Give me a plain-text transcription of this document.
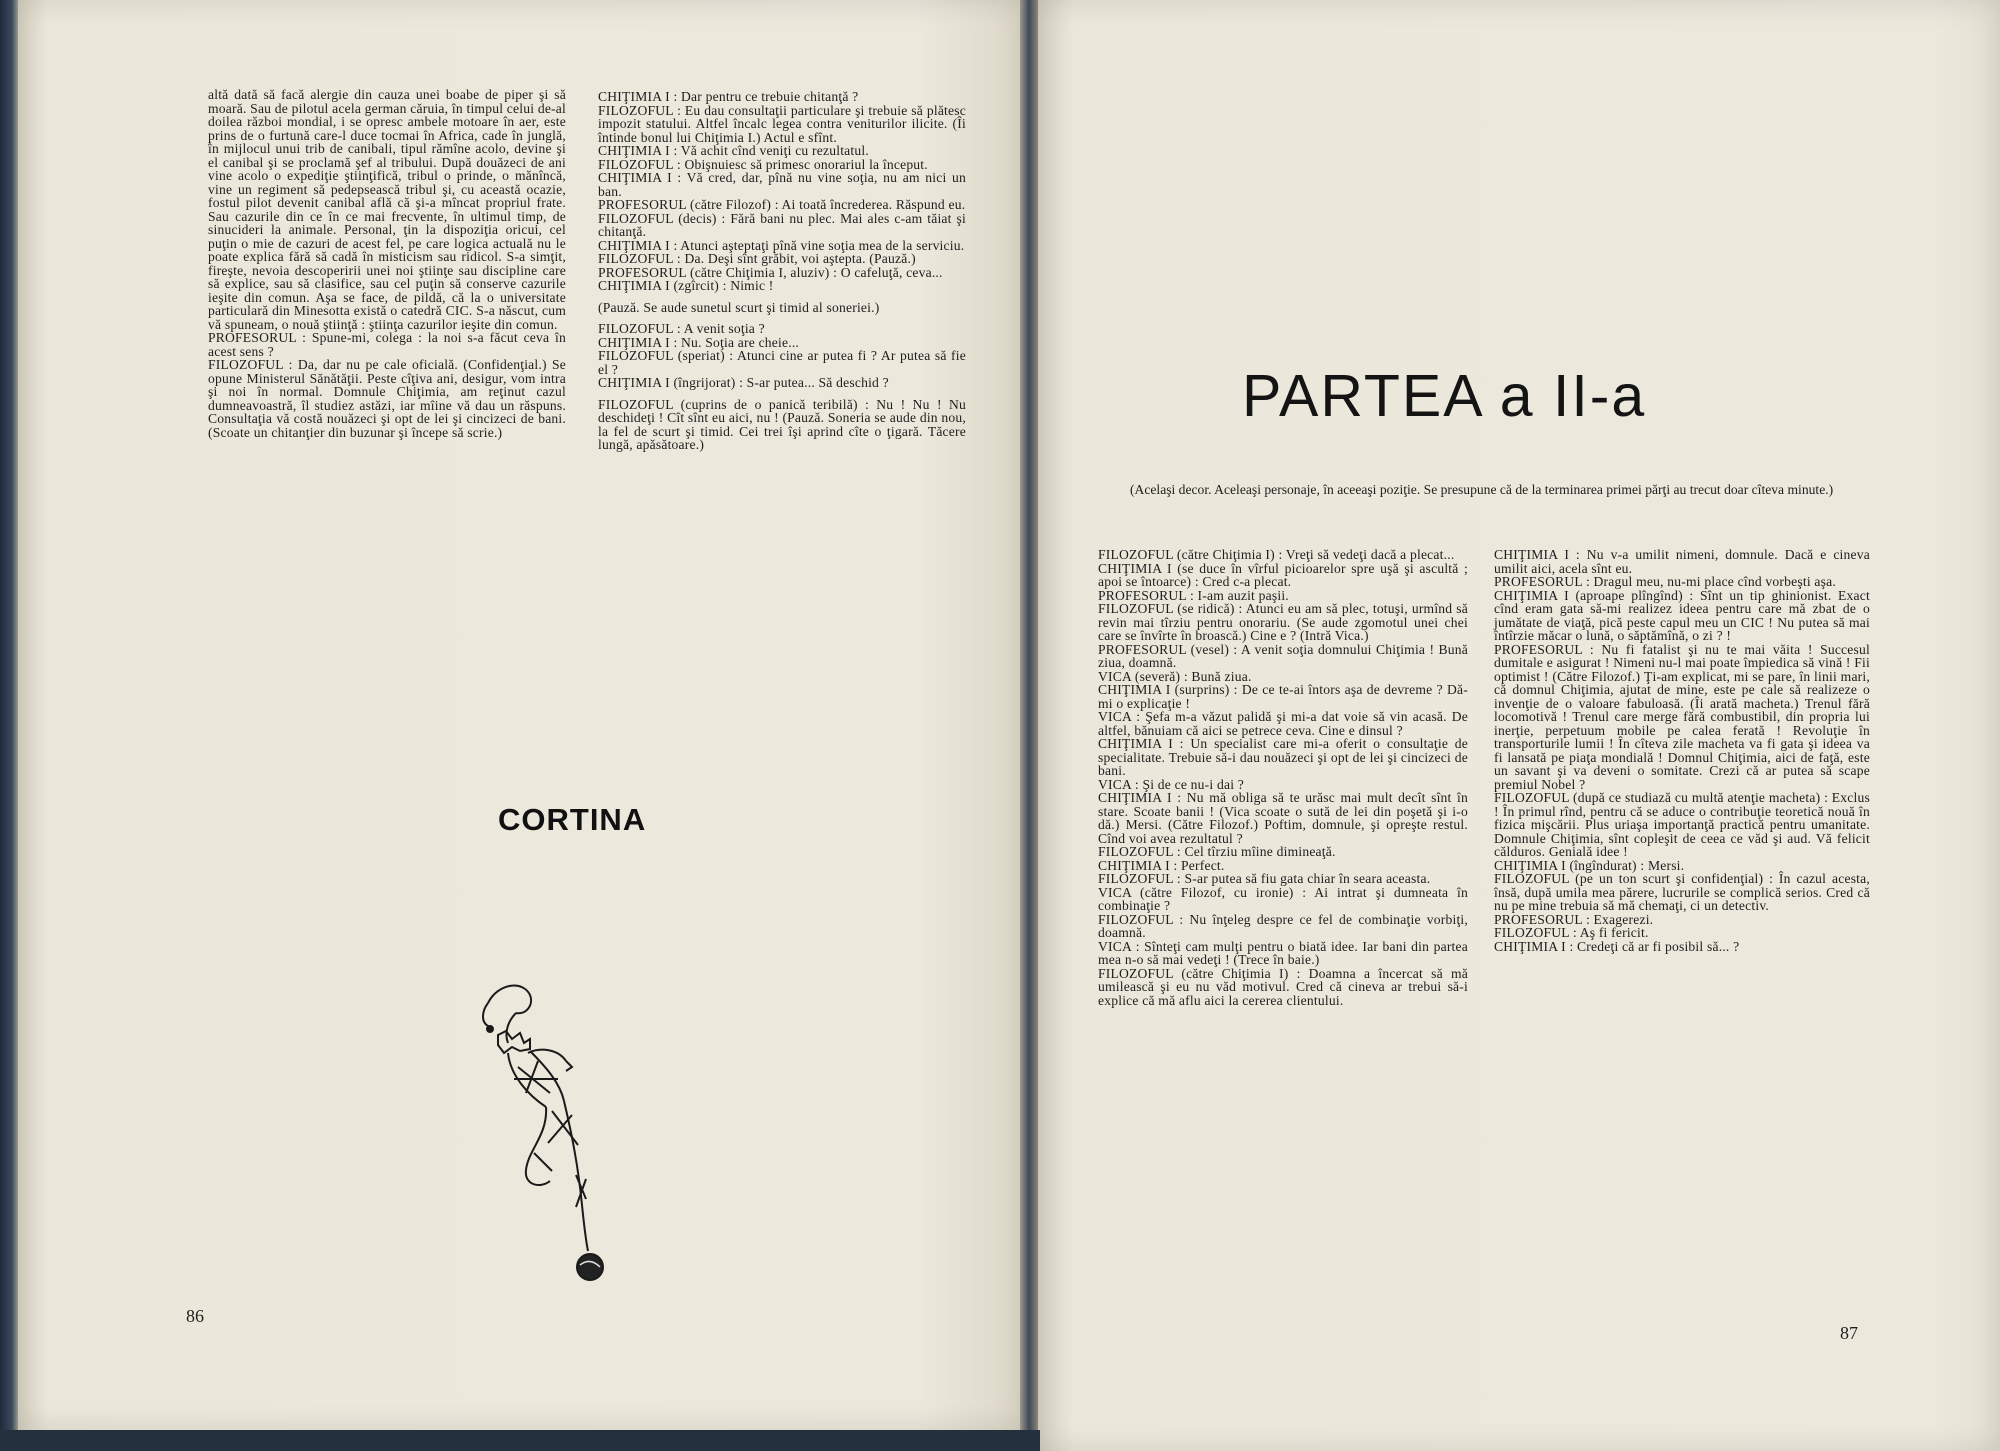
altă dată să facă alergie din cauza unei boabe de piper şi să moară. Sau de pilotul acela german căruia, în timpul celui de-al doilea război mondial, i se opresc ambele motoare în aer, este prins de o furtună care-l duce tocmai în Africa, cade în junglă, în mijlocul unui trib de canibali, tipul rămîne acolo, devine şi el canibal şi se proclamă şef al tribului. După douăzeci de ani vine acolo o expediţie ştiinţifică, tribul o prinde, o mănîncă, vine un regiment să pedepsească tribul şi, cu această ocazie, fostul pilot devenit canibal află că şi-a mîncat propriul frate. Sau cazurile din ce în ce mai frecvente, în ultimul timp, de sinucideri la animale. Personal, ţin la dispoziţia oricui, cel puţin o mie de cazuri de acest fel, pe care logica actuală nu le poate explica fără să cadă în misticism sau ridicol. S-a simţit, fireşte, nevoia descoperirii unei noi ştiinţe sau discipline care să explice, sau să clasifice, sau cel puţin să conserve cazurile ieşite din comun. Aşa se face, de pildă, că la o universitate particulară din Minesotta există o catedră CIC. S-a născut, cum vă spuneam, o nouă ştiinţă : ştiinţa cazurilor ieşite din comun.

PROFESORUL : Spune-mi, colega : la noi s-a făcut ceva în acest sens ?

FILOZOFUL : Da, dar nu pe cale oficială. (Confidenţial.) Se opune Ministerul Sănătăţii. Peste cîţiva ani, desigur, vom intra şi noi în normal. Domnule Chiţimia, am reţinut cazul dumneavoastră, îl studiez astăzi, iar mîine vă dau un răspuns. Consultaţia vă costă nouăzeci şi opt de lei şi cincizeci de bani. (Scoate un chitanţier din buzunar şi începe să scrie.)

CHIŢIMIA I : Dar pentru ce trebuie chitanţă ?

FILOZOFUL : Eu dau consultaţii particulare şi trebuie să plătesc impozit statului. Altfel încalc legea contra veniturilor ilicite. (Îi întinde bonul lui Chiţimia I.) Actul e sfînt.

CHIŢIMIA I : Vă achit cînd veniţi cu rezultatul.

FILOZOFUL : Obişnuiesc să primesc onorariul la început.

CHIŢIMIA I : Vă cred, dar, pînă nu vine soţia, nu am nici un ban.

PROFESORUL (către Filozof) : Ai toată încrederea. Răspund eu.

FILOZOFUL (decis) : Fără bani nu plec. Mai ales c-am tăiat şi chitanţă.

CHIŢIMIA I : Atunci aşteptaţi pînă vine soţia mea de la serviciu.

FILOZOFUL : Da. Deşi sînt grăbit, voi aştepta. (Pauză.)

PROFESORUL (către Chiţimia I, aluziv) : O cafeluţă, ceva...

CHIŢIMIA I (zgîrcit) : Nimic !

(Pauză. Se aude sunetul scurt şi timid al soneriei.)

FILOZOFUL : A venit soţia ?

CHIŢIMIA I : Nu. Soţia are cheie...

FILOZOFUL (speriat) : Atunci cine ar putea fi ? Ar putea să fie el ?

CHIŢIMIA I (îngrijorat) : S-ar putea... Să deschid ?

FILOZOFUL (cuprins de o panică teribilă) : Nu ! Nu ! Nu deschideţi ! Cît sînt eu aici, nu ! (Pauză. Soneria se aude din nou, la fel de scurt şi timid. Cei trei îşi aprind cîte o ţigară. Tăcere lungă, apăsătoare.)

CORTINA
86
PARTEA a II-a
(Acelaşi decor. Aceleaşi personaje, în aceeaşi poziţie. Se presupune că de la terminarea primei părţi au trecut doar cîteva minute.)

FILOZOFUL (către Chiţimia I) : Vreţi să vedeţi dacă a plecat...

CHIŢIMIA I (se duce în vîrful picioarelor spre uşă şi ascultă ; apoi se întoarce) : Cred c-a plecat.

PROFESORUL : I-am auzit paşii.

FILOZOFUL (se ridică) : Atunci eu am să plec, totuşi, urmînd să revin mai tîrziu pentru onorariu. (Se aude zgomotul unei chei care se învîrte în broască.) Cine e ? (Intră Vica.)

PROFESORUL (vesel) : A venit soţia domnului Chiţimia ! Bună ziua, doamnă.

VICA (severă) : Bună ziua.

CHIŢIMIA I (surprins) : De ce te-ai întors aşa de devreme ? Dă-mi o explicaţie !

VICA : Şefa m-a văzut palidă şi mi-a dat voie să vin acasă. De altfel, bănuiam că aici se petrece ceva. Cine e dinsul ?

CHIŢIMIA I : Un specialist care mi-a oferit o consultaţie de specialitate. Trebuie să-i dau nouăzeci şi opt de lei şi cincizeci de bani.

VICA : Şi de ce nu-i dai ?

CHIŢIMIA I : Nu mă obliga să te urăsc mai mult decît sînt în stare. Scoate banii ! (Vica scoate o sută de lei din poşetă şi i-o dă.) Mersi. (Către Filozof.) Poftim, domnule, şi opreşte restul. Cînd voi avea rezultatul ?

FILOZOFUL : Cel tîrziu mîine dimineaţă.

CHIŢIMIA I : Perfect.

FILOZOFUL : S-ar putea să fiu gata chiar în seara aceasta.

VICA (către Filozof, cu ironie) : Ai intrat şi dumneata în combinaţie ?

FILOZOFUL : Nu înţeleg despre ce fel de combinaţie vorbiţi, doamnă.

VICA : Sînteţi cam mulţi pentru o biată idee. Iar bani din partea mea n-o să mai vedeţi ! (Trece în baie.)

FILOZOFUL (către Chiţimia I) : Doamna a încercat să mă umilească şi eu nu văd motivul. Cred că cineva ar trebui să-i explice că mă aflu aici la cererea clientului.

CHIŢIMIA I : Nu v-a umilit nimeni, domnule. Dacă e cineva umilit aici, acela sînt eu.

PROFESORUL : Dragul meu, nu-mi place cînd vorbeşti aşa.

CHIŢIMIA I (aproape plîngînd) : Sînt un tip ghinionist. Exact cînd eram gata să-mi realizez ideea pentru care mă zbat de o jumătate de viaţă, pică peste capul meu un CIC ! Nu putea să mai întîrzie măcar o lună, o săptămînă, o zi ? !

PROFESORUL : Nu fi fatalist şi nu te mai văita ! Succesul dumitale e asigurat ! Nimeni nu-l mai poate împiedica să vină ! Fii optimist ! (Către Filozof.) Ţi-am explicat, mi se pare, în linii mari, că domnul Chiţimia, ajutat de mine, este pe cale să realizeze o invenţie de o valoare fabuloasă. (Îi arată macheta.) Trenul fără locomotivă ! Trenul care merge fără combustibil, din propria lui inerţie, perpetuum mobile pe calea ferată ! Revoluţie în transporturile lumii ! În cîteva zile macheta va fi gata şi ideea va fi lansată pe piaţa mondială ! Domnul Chiţimia, aici de faţă, este un savant şi va deveni o somitate. Crezi că ar putea să scape premiul Nobel ?

FILOZOFUL (după ce studiază cu multă atenţie macheta) : Exclus ! În primul rînd, pentru că se aduce o contribuţie teoretică nouă în fizica mişcării. Plus uriaşa importanţă practică pentru umanitate. Domnule Chiţimia, sînt copleşit de ceea ce văd şi aud. Vă felicit călduros. Genială idee !

CHIŢIMIA I (îngîndurat) : Mersi.

FILOZOFUL (pe un ton scurt şi confidenţial) : În cazul acesta, însă, după umila mea părere, lucrurile se complică serios. Cred că nu pe mine trebuia să mă chemaţi, ci un detectiv.

PROFESORUL : Exagerezi.

FILOZOFUL : Aş fi fericit.

CHIŢIMIA I : Credeţi că ar fi posibil să... ?

87
